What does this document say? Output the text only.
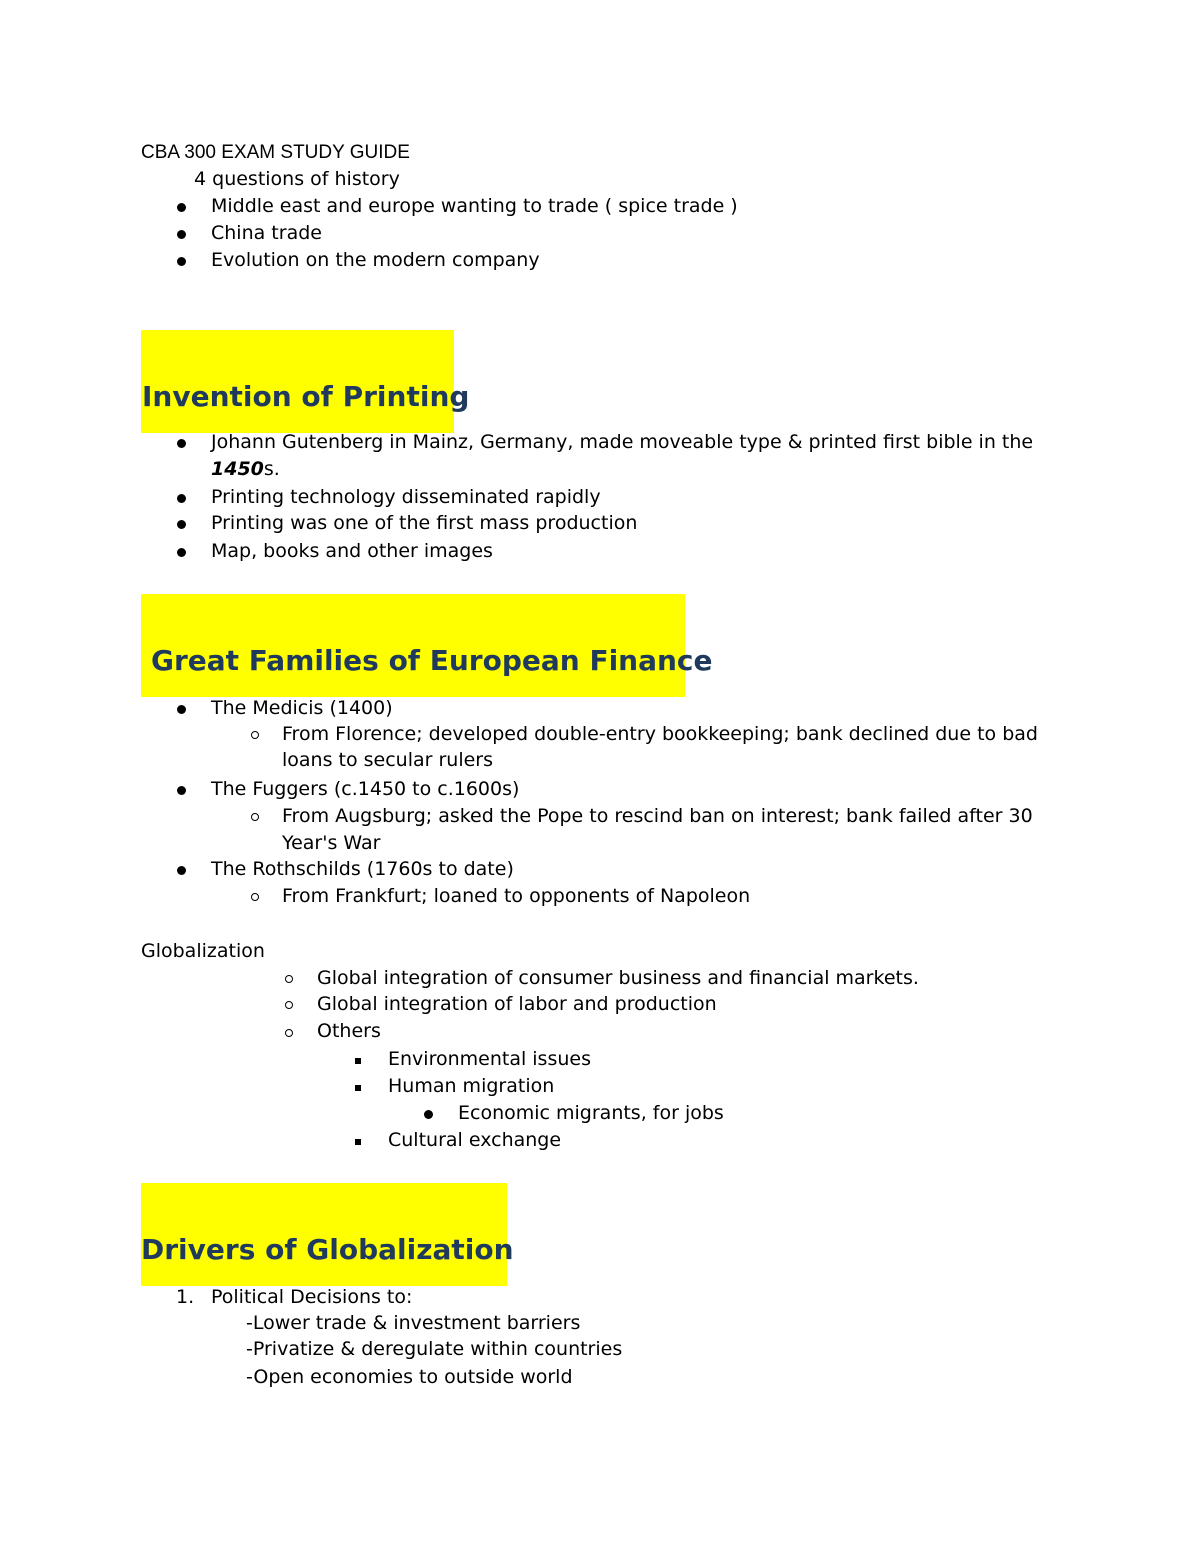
CBA 300 EXAM STUDY GUIDE
4 questions of history
Middle east and europe wanting to trade ( spice trade )
China trade
Evolution on the modern company
Invention of Printing
Johann Gutenberg in Mainz, Germany, made moveable type & printed first bible in the
1450s.
Printing technology disseminated rapidly
Printing was one of the first mass production
Map, books and other images
Great Families of European Finance
The Medicis (1400)
From Florence; developed double-entry bookkeeping; bank declined due to bad
loans to secular rulers
The Fuggers (c.1450 to c.1600s)
From Augsburg; asked the Pope to rescind ban on interest; bank failed after 30
Year's War
The Rothschilds (1760s to date)
From Frankfurt; loaned to opponents of Napoleon
Globalization
Global integration of consumer business and financial markets.
Global integration of labor and production
Others
Environmental issues
Human migration
Economic migrants, for jobs
Cultural exchange
Drivers of Globalization
1. Political Decisions to:
-Lower trade & investment barriers
-Privatize & deregulate within countries
-Open economies to outside world
